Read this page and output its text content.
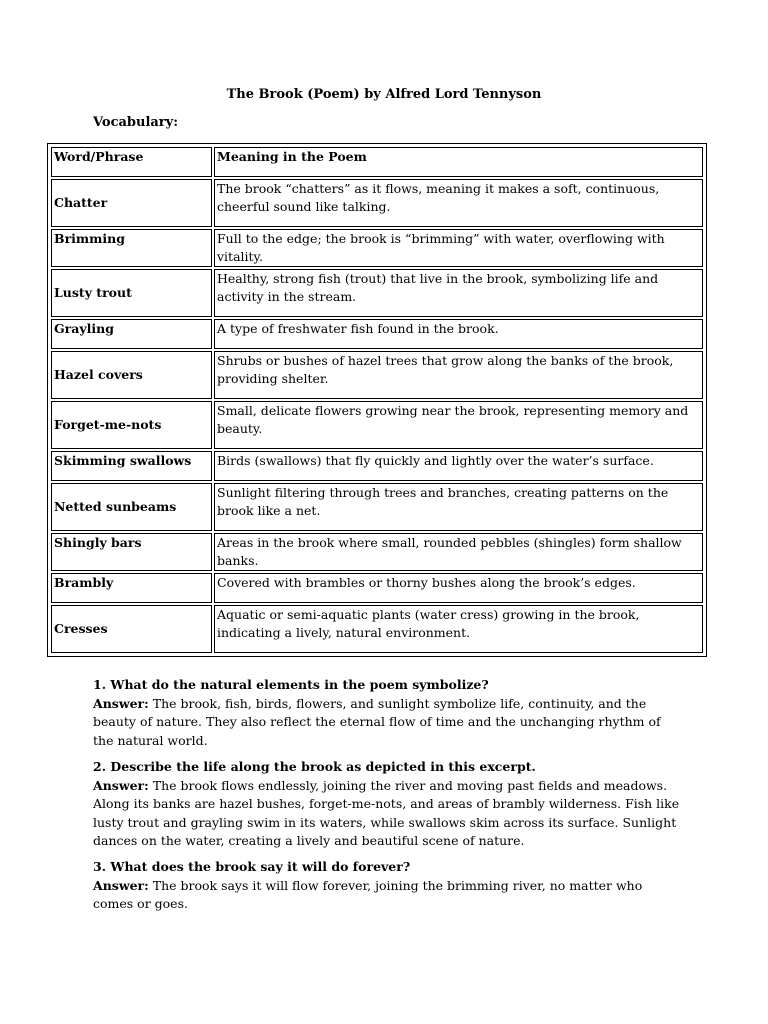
The Brook (Poem) by Alfred Lord Tennyson
Vocabulary:
Word/Phrase	Meaning in the Poem
Chatter	The brook “chatters” as it flows, meaning it makes a soft, continuous, cheerful sound like talking.
Brimming	Full to the edge; the brook is “brimming” with water, overflowing with vitality.
Lusty trout	Healthy, strong fish (trout) that live in the brook, symbolizing life and activity in the stream.
Grayling	A type of freshwater fish found in the brook.
Hazel covers	Shrubs or bushes of hazel trees that grow along the banks of the brook, providing shelter.
Forget-me-nots	Small, delicate flowers growing near the brook, representing memory and beauty.
Skimming swallows	Birds (swallows) that fly quickly and lightly over the water’s surface.
Netted sunbeams	Sunlight filtering through trees and branches, creating patterns on the brook like a net.
Shingly bars	Areas in the brook where small, rounded pebbles (shingles) form shallow banks.
Brambly	Covered with brambles or thorny bushes along the brook’s edges.
Cresses	Aquatic or semi-aquatic plants (water cress) growing in the brook, indicating a lively, natural environment.
1. What do the natural elements in the poem symbolize?
Answer: The brook, fish, birds, flowers, and sunlight symbolize life, continuity, and the beauty of nature. They also reflect the eternal flow of time and the unchanging rhythm of the natural world.
2. Describe the life along the brook as depicted in this excerpt.
Answer: The brook flows endlessly, joining the river and moving past fields and meadows. Along its banks are hazel bushes, forget-me-nots, and areas of brambly wilderness. Fish like lusty trout and grayling swim in its waters, while swallows skim across its surface. Sunlight dances on the water, creating a lively and beautiful scene of nature.
3. What does the brook say it will do forever?
Answer: The brook says it will flow forever, joining the brimming river, no matter who comes or goes.
